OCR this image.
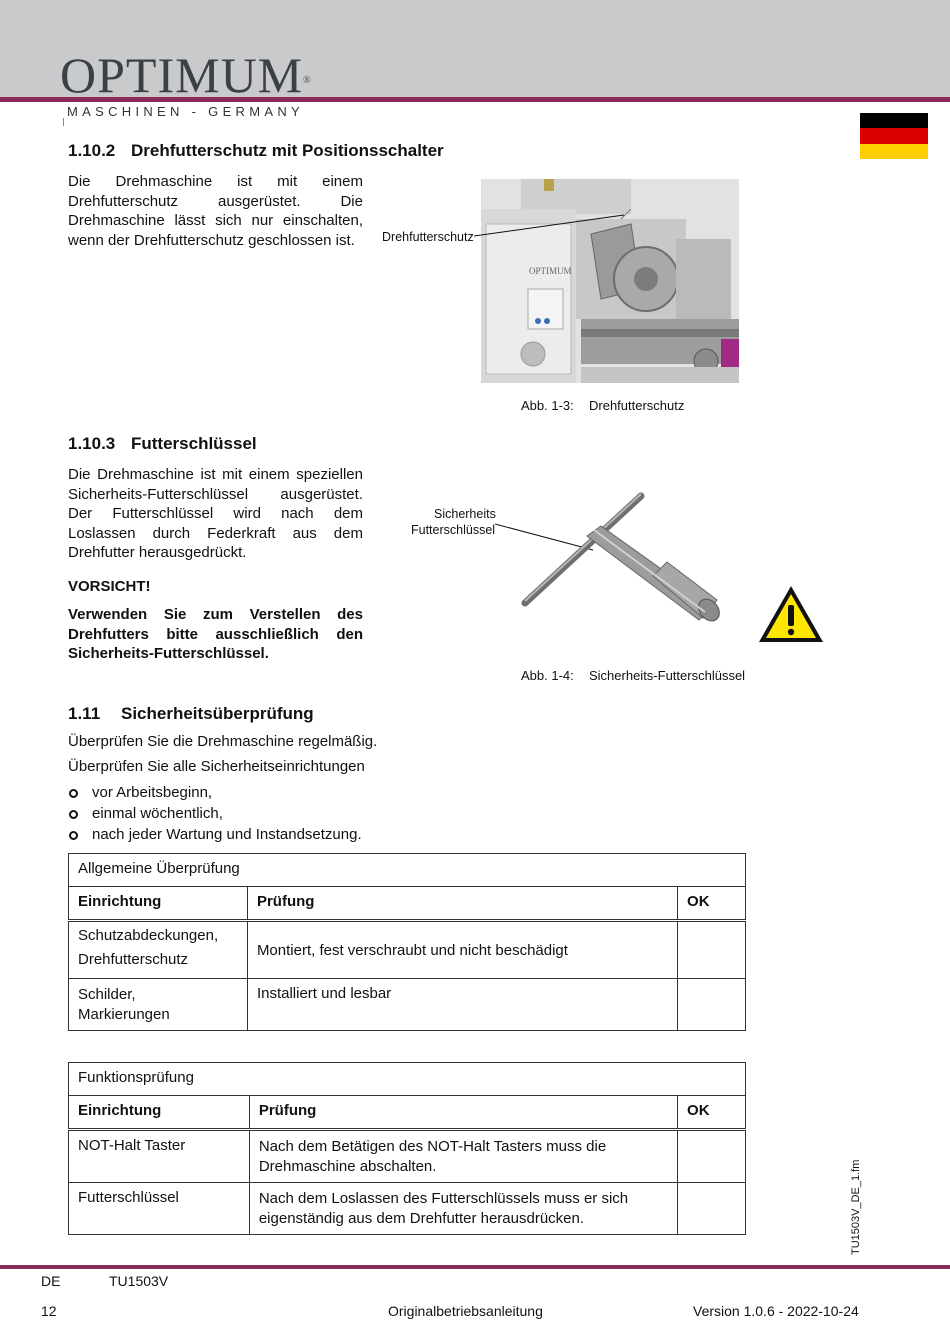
OPTIMUM®
MASCHINEN - GERMANY
1.10.2 Drehfutterschutz mit Positionsschalter

Die Drehmaschine ist mit einem Drehfutterschutz ausgerüstet. Die Drehmaschine lässt sich nur einschalten, wenn der Drehfutterschutz geschlossen ist.

OPTIMUM
Drehfutterschutz
Abb. 1-3: Drehfutterschutz
1.10.3 Futterschlüssel

Die Drehmaschine ist mit einem speziellen Sicherheits-Futterschlüssel ausgerüstet. Der Futterschlüssel wird nach dem Loslassen durch Federkraft aus dem Drehfutter herausgedrückt.

VORSICHT!

Verwenden Sie zum Verstellen des Drehfutters bitte ausschließlich den Sicherheits-Futterschlüssel.

Sicherheits
Futterschlüssel
Abb. 1-4: Sicherheits-Futterschlüssel
1.11 Sicherheitsüberprüfung

Überprüfen Sie die Drehmaschine regelmäßig.

Überprüfen Sie alle Sicherheitseinrichtungen

vor Arbeitsbeginn,
einmal wöchentlich,
nach jeder Wartung und Instandsetzung.
Allgemeine Überprüfung		
Einrichtung	Prüfung	OK

Schutzabdeckungen,
Drehfutterschutz	Montiert, fest verschraubt und nicht beschädigt	

Schilder,
Markierungen	Installiert und lesbar	
Funktionsprüfung		
Einrichtung	Prüfung	OK
NOT-Halt Taster	Nach dem Betätigen des NOT-Halt Tasters muss die
Drehmaschine abschalten.	

Futterschlüssel	Nach dem Loslassen des Futterschlüssels muss er sich
eigenständig aus dem Drehfutter herausdrücken.	
		TU1503V_DE_1.fm
DE	TU1503V
12	Originalbetriebsanleitung	Version 1.0.6 - 2022-10-24
